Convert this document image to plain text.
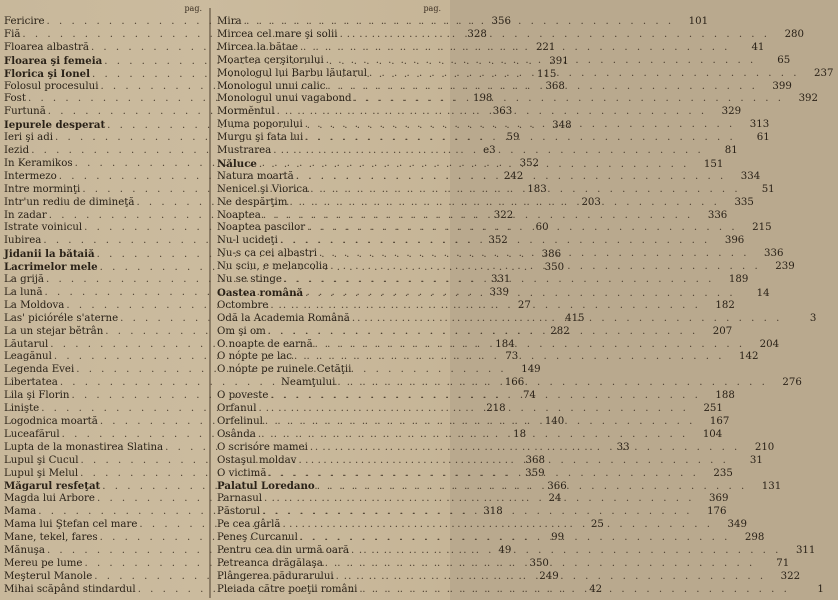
pag.
Fericire . . .	356
Fiă . . .	328
Floarea albastră . . .	221
Floarea şi femeia . . .	391
Florica şi Ionel . . .	115
Folosul procesului . . .	368
Fost . . .	198
Furtună . . .	363
Iepurele desperat . . .	348
Ieri şi adi . . .	59
Iezid . . .	e3
In Keramikos . . .	352
Intermezo . . .	242
Intre morminţi . . .	183
Intr'un rediu de dimineţă . . .	203
In zadar . . .	322
Istrate voinicul . . .	60
Iubirea . . .	352
Jidanii la bătaiă . . .	386
Lacrimelor mele . . .	350
La grijă . . .	331
La lună . . .	339
La Moldova . . .	27
Las' picióréle s'aterne . . .	415
La un stejar bĕtrân . . .	282
Lăutarul . . .	184
Leagănul . . .	73
Legenda Evei . . .	149
Libertatea . . .	166
Lila şi Florin . . .	74
Linişte . . .	218
Logodnica moartă . . .	140
Luceafărul . . .	18
Lupta de la monastirea Slatina . . .	33
Lupul şi Cucul . . .	368
Lupul şi Melul . . .	359
Măgarul resfeţat . . .	366
Magda lui Arbore . . .	24
Mama . . .	318
Mama lui Ştefan cel mare . . .	25
Mane, tekel, fares . . .	99
Mănuşa . . .	49
Mereu pe lume . . .	350
Meşterul Manole . . .	249
Mihai scăpând stindardul . . .	42
pag.
Mira . . .	101
Mircea cel mare şi solii . . .	280
Mircea la bătae . . .	41
Moartea cerşitorului . . .	65
Monologul lui Barbu lăutarul . . .	237
Monologul unui calic . . .	399
Monologul unui vagabond . . .	392
Mormĕntul . . .	329
Muma poporului . . .	313
Murgu şi fata lui . . .	61
Mustrarea . . .	81
Năluce . . .	151
Natura moartă . . .	334
Nenicel şi Viorica . . .	51
Ne despărţim . . .	335
Noaptea . . .	336
Noaptea pascilor . . .	215
Nu-l ucideţi . . .	396
Nu-s ca cei albastri . . .	336
Nu sciu, e melancolia . . .	239
Nu se stinge . . .	189
Oastea română . . .	14
Octombre . . .	182
Odă la Academia Română . . .	3
Om şi om . . .	207
O noapte de earnă . . .	204
O nópte pe lac . . .	142
O nópte pe ruinele Cetăţii
Neamţului . . .	276
O poveste . . .	188
Orfanul . . .	251
Orfelinul . . .	167
Osânda . . .	104
O scrisóre mamei . . .	210
Ostaşul moldav . . .	31
O victimă . . .	235
Palatul Loredano . . .	131
Parnasul . . .	369
Păstorul . . .	176
Pe cea gârlă . . .	349
Peneş Curcanul . . .	298
Pentru cea din urmă oară . . .	311
Petreanca drăgălaşa . . .	71
Plângerea pădurarului . . .	322
Pleiada către poeţii români . . .	1
